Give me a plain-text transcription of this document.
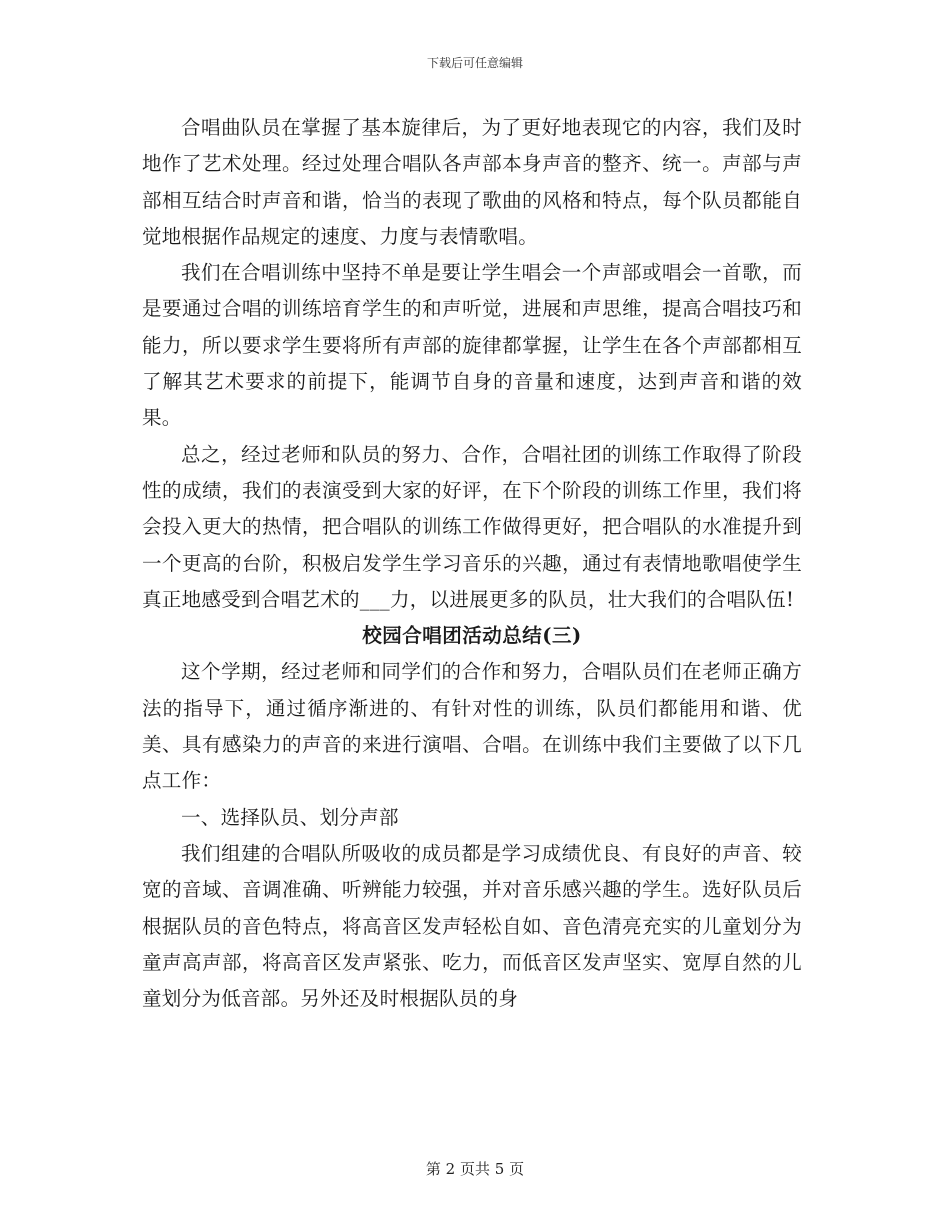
下载后可任意编辑

合唱曲队员在掌握了基本旋律后，为了更好地表现它的内容，我们及时地作了艺术处理。经过处理合唱队各声部本身声音的整齐、统一。声部与声部相互结合时声音和谐，恰当的表现了歌曲的风格和特点，每个队员都能自觉地根据作品规定的速度、力度与表情歌唱。

我们在合唱训练中坚持不单是要让学生唱会一个声部或唱会一首歌，而是要通过合唱的训练培育学生的和声听觉，进展和声思维，提高合唱技巧和能力，所以要求学生要将所有声部的旋律都掌握，让学生在各个声部都相互了解其艺术要求的前提下，能调节自身的音量和速度，达到声音和谐的效果。

总之，经过老师和队员的努力、合作，合唱社团的训练工作取得了阶段性的成绩，我们的表演受到大家的好评，在下个阶段的训练工作里，我们将会投入更大的热情，把合唱队的训练工作做得更好，把合唱队的水准提升到一个更高的台阶，积极启发学生学习音乐的兴趣，通过有表情地歌唱使学生真正地感受到合唱艺术的___力，以进展更多的队员，壮大我们的合唱队伍!

校园合唱团活动总结(三)

这个学期，经过老师和同学们的合作和努力，合唱队员们在老师正确方法的指导下，通过循序渐进的、有针对性的训练，队员们都能用和谐、优美、具有感染力的声音的来进行演唱、合唱。在训练中我们主要做了以下几点工作：

一、选择队员、划分声部

我们组建的合唱队所吸收的成员都是学习成绩优良、有良好的声音、较宽的音域、音调准确、听辨能力较强，并对音乐感兴趣的学生。选好队员后根据队员的音色特点，将高音区发声轻松自如、音色清亮充实的儿童划分为童声高声部，将高音区发声紧张、吃力，而低音区发声坚实、宽厚自然的儿童划分为低音部。另外还及时根据队员的身

第 2 页共 5 页
